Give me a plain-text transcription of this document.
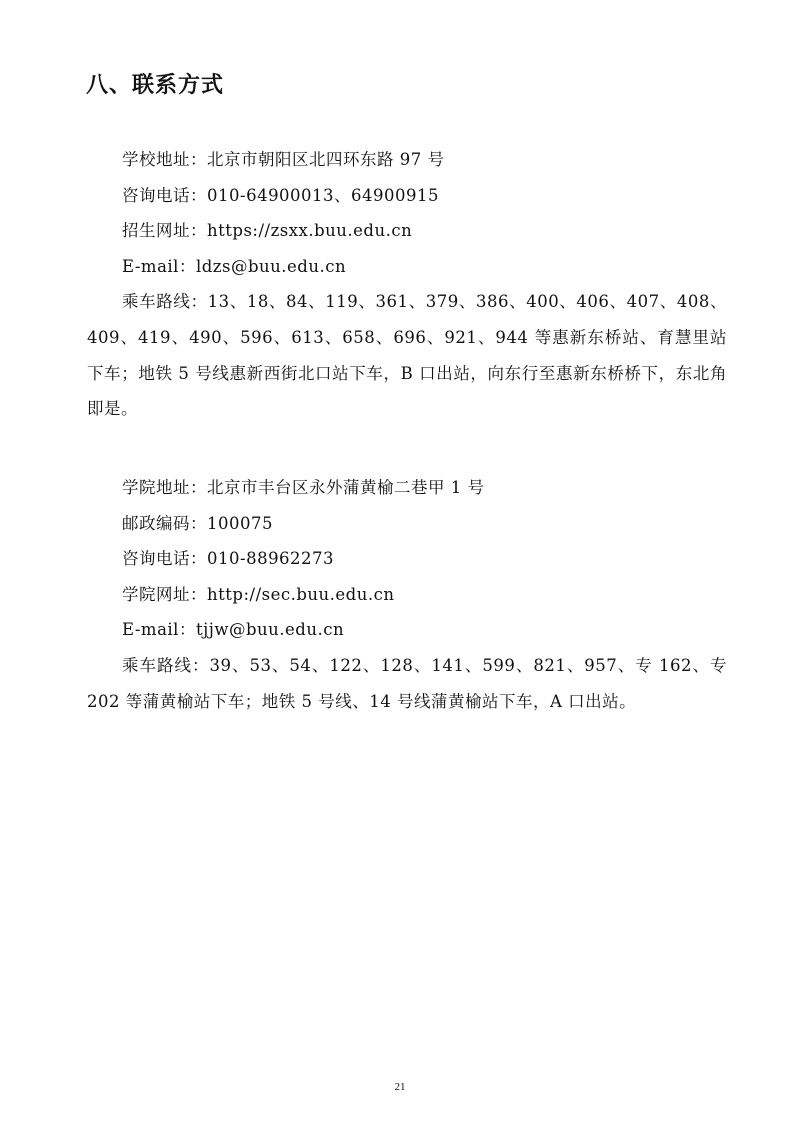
八、联系方式

学校地址：北京市朝阳区北四环东路 97 号

咨询电话：010-64900013、64900915

招生网址：https://zsxx.buu.edu.cn

E-mail：ldzs@buu.edu.cn

乘车路线：13、18、84、119、361、379、386、400、406、407、408、409、419、490、596、613、658、696、921、944 等惠新东桥站、育慧里站下车；地铁 5 号线惠新西街北口站下车，B 口出站，向东行至惠新东桥桥下，东北角即是。

学院地址：北京市丰台区永外蒲黄榆二巷甲 1 号

邮政编码：100075

咨询电话：010-88962273

学院网址：http://sec.buu.edu.cn

E-mail：tjjw@buu.edu.cn

乘车路线：39、53、54、122、128、141、599、821、957、专 162、专 202 等蒲黄榆站下车；地铁 5 号线、14 号线蒲黄榆站下车，A 口出站。

21
